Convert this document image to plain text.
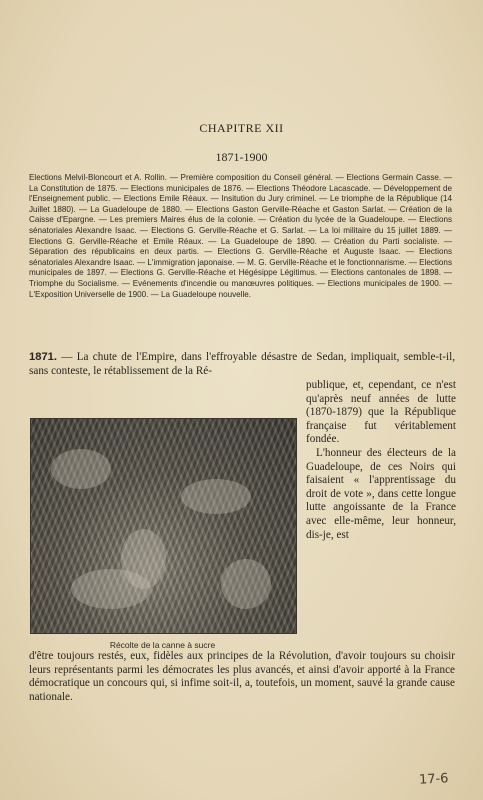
CHAPITRE XII
1871-1900

Elections Melvil-Bloncourt et A. Rollin. — Première composition du Conseil général. — Elections Germain Casse. — La Constitution de 1875. — Elections municipales de 1876. — Elections Théodore Lacascade. — Développement de l'Enseignement public. — Elections Emile Réaux. — Insitution du Jury criminel. — Le triomphe de la République (14 Juillet 1880). — La Guadeloupe de 1880. — Elections Gaston Gerville-Réache et Gaston Sarlat. — Création de la Caisse d'Epargne. — Les premiers Maires élus de la colonie. — Création du lycée de la Guadeloupe. — Elections sénatoriales Alexandre Isaac. — Elections G. Gerville-Réache et G. Sarlat. — La loi militaire du 15 juillet 1889. — Elections G. Gerville-Réache et Emile Réaux. — La Guadeloupe de 1890. — Création du Parti socialiste. — Séparation des républicains en deux partis. — Elections G. Gerville-Réache et Auguste Isaac. — Elections sénatoriales Alexandre Isaac. — L'immigration japonaise. — M. G. Gerville-Réache et le fonctionnarisme. — Elections municipales de 1897. — Elections G. Gerville-Réache et Hégésippe Légitimus. — Elections cantonales de 1898. — Triomphe du Socialisme. — Evénements d'incendie ou manœuvres politiques. — Elections municipales de 1900. — L'Exposition Universelle de 1900. — La Guadeloupe nouvelle.

1871. — La chute de l'Empire, dans l'effroyable désastre de Sedan, impliquait, semble-t-il, sans conteste, le rétablissement de la Ré-
Récolte de la canne à sucre

publique, et, cependant, ce n'est qu'après neuf années de lutte (1870-1879) que la République française fut véritablement fondée.

L'honneur des électeurs de la Guadeloupe, de ces Noirs qui faisaient « l'apprentissage du droit de vote », dans cette longue lutte angoissante de la France avec elle-même, leur honneur, dis-je, est

d'être toujours restés, eux, fidèles aux principes de la Révolution, d'avoir toujours su choisir leurs représentants parmi les démocrates les plus avancés, et ainsi d'avoir apporté à la France démocratique un concours qui, si infime soit-il, a, toutefois, un moment, sauvé la grande cause nationale.
17-6
